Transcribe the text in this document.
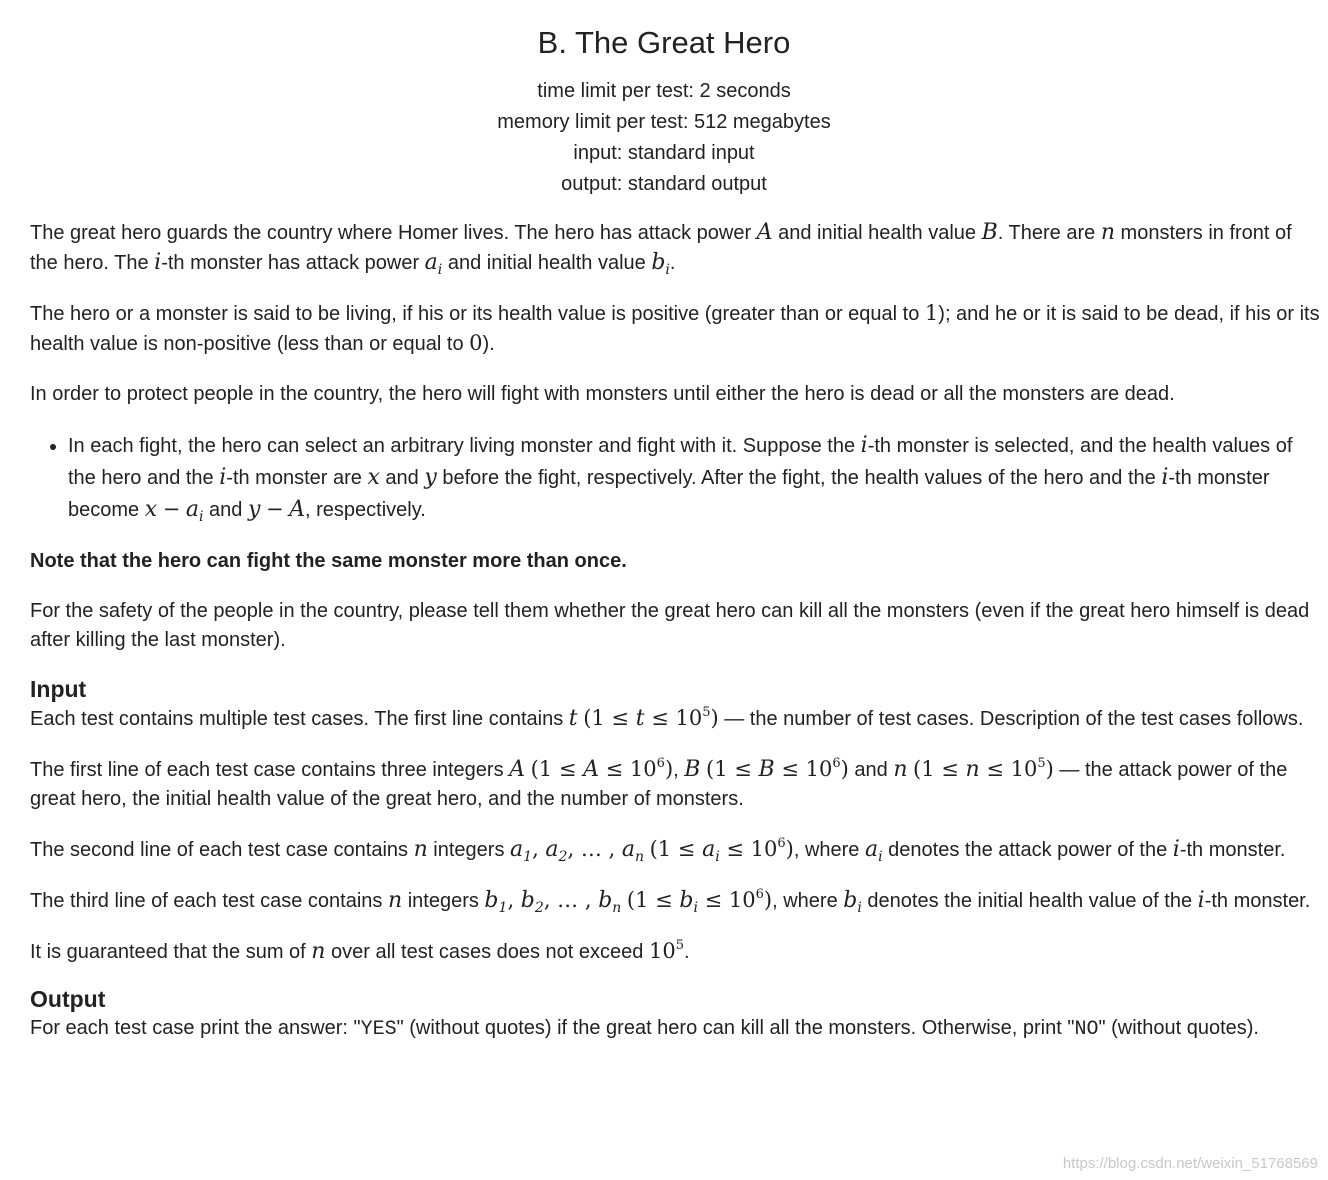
B. The Great Hero
time limit per test: 2 seconds
memory limit per test: 512 megabytes
input: standard input
output: standard output

The great hero guards the country where Homer lives. The hero has attack power A and initial health value B. There are n monsters in front of the hero. The i-th monster has attack power $a_i$ and initial health value $b_i$.

The hero or a monster is said to be living, if his or its health value is positive (greater than or equal to 1); and he or it is said to be dead, if his or its health value is non-positive (less than or equal to 0).

In order to protect people in the country, the hero will fight with monsters until either the hero is dead or all the monsters are dead.

• In each fight, the hero can select an arbitrary living monster and fight with it. Suppose the i-th monster is selected, and the health values of the hero and the i-th monster are x and y before the fight, respectively. After the fight, the health values of the hero and the i-th monster become $x - a_i$ and y − A, respectively.

Note that the hero can fight the same monster more than once.

For the safety of the people in the country, please tell them whether the great hero can kill all the monsters (even if the great hero himself is dead after killing the last monster).

Input

Each test contains multiple test cases. The first line contains t $(1 \le t \le 10^5)$ — the number of test cases. Description of the test cases follows.

The first line of each test case contains three integers A $(1 \le A \le 10^6)$, B $(1 \le B \le 10^6)$ and n $(1 \le n \le 10^5)$ — the attack power of the great hero, the initial health value of the great hero, and the number of monsters.

The second line of each test case contains n integers $a_1$, $a_2$, … , $a_n$ $(1 \le a_i \le 10^6)$, where $a_i$ denotes the attack power of the i-th monster.

The third line of each test case contains n integers $b_1$, $b_2$, … , $b_n$ $(1 \le b_i \le 10^6)$, where $b_i$ denotes the initial health value of the i-th monster.

It is guaranteed that the sum of n over all test cases does not exceed $10^5$.

Output

For each test case print the answer: "YES" (without quotes) if the great hero can kill all the monsters. Otherwise, print "NO" (without quotes).

https://blog.csdn.net/weixin_51768569
